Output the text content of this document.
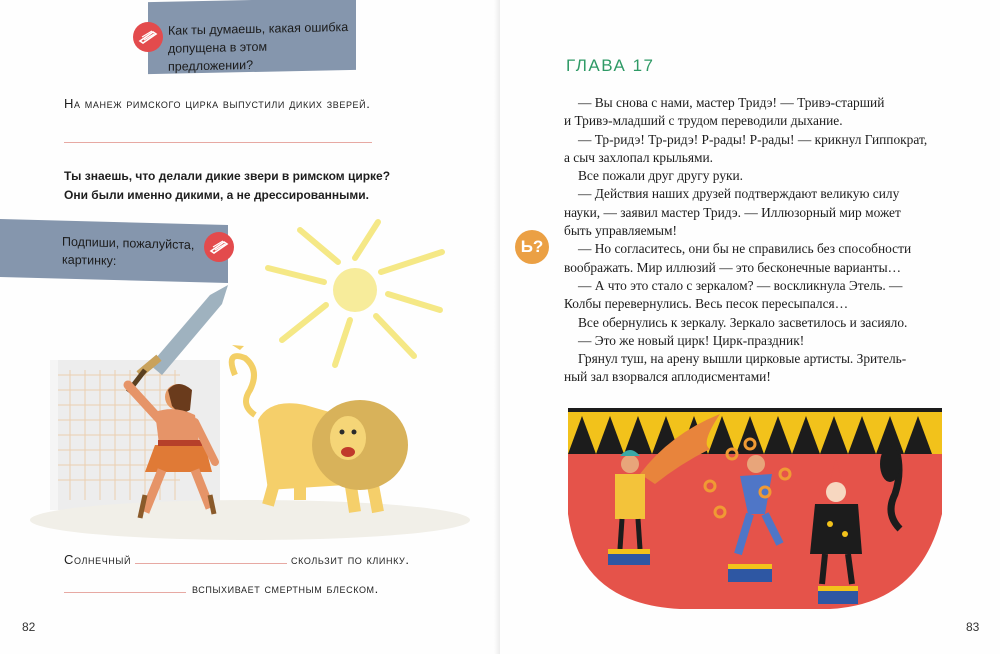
Как ты думаешь, какая ошибка допущена в этом предложении?
На манеж римского цирка выпустили диких зверей.
Ты знаешь, что делали дикие звери в римском цирке?
Они были именно дикими, а не дрессированными.
Подпиши, пожалуйста, картинку:
Солнечный	скользит по клинку.
вспыхивает смертным блеском.
82	83
ГЛАВА 17
Ь?

— Вы снова с нами, мастер Тридэ! — Тривэ-старший

и Тривэ-младший с трудом переводили дыхание.

— Тр-ридэ! Тр-ридэ! Р-рады! Р-рады! — крикнул Гиппократ,

а сыч захлопал крыльями.

Все пожали друг другу руки.

— Действия наших друзей подтверждают великую силу

науки, — заявил мастер Тридэ. — Иллюзорный мир может

быть управляемым!

— Но согласитесь, они бы не справились без способности

воображать. Мир иллюзий — это бесконечные варианты…

— А что это стало с зеркалом? — воскликнула Этель. —

Колбы перевернулись. Весь песок пересыпался…

Все обернулись к зеркалу. Зеркало засветилось и засияло.

— Это же новый цирк! Цирк-праздник!

Грянул туш, на арену вышли цирковые артисты. Зритель-

ный зал взорвался аплодисментами!
